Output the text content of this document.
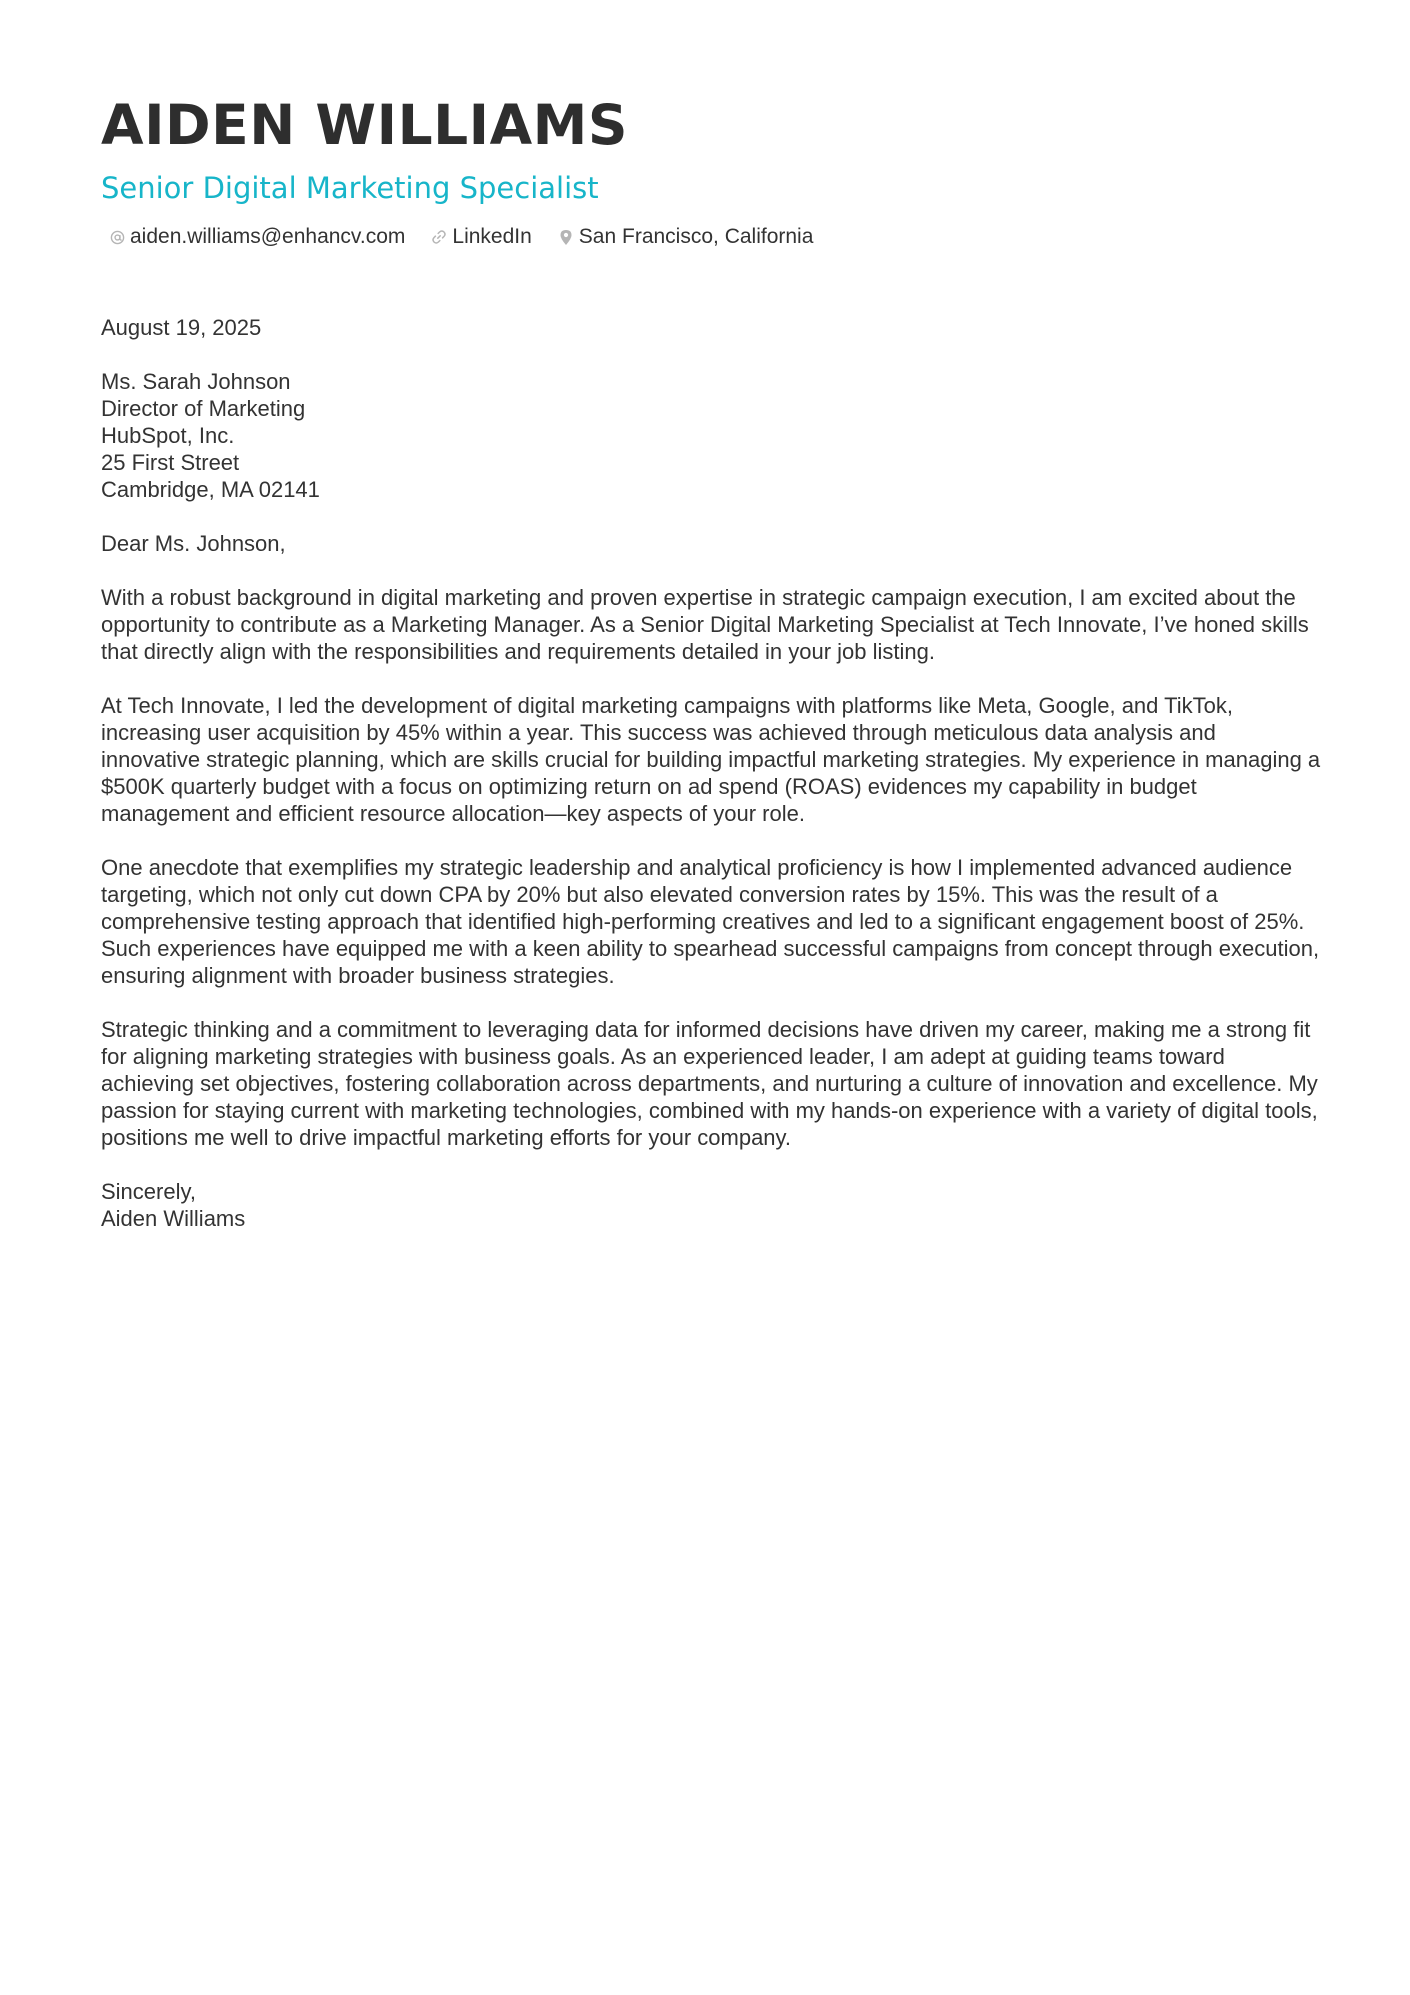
AIDEN WILLIAMS
Senior Digital Marketing Specialist
aiden.williams@enhancv.com LinkedIn San Francisco, California

August 19, 2025

Ms. Sarah Johnson
Director of Marketing
HubSpot, Inc.
25 First Street
Cambridge, MA 02141

Dear Ms. Johnson,

With a robust background in digital marketing and proven expertise in strategic campaign execution, I am excited about the opportunity to contribute as a Marketing Manager. As a Senior Digital Marketing Specialist at Tech Innovate, I’ve honed skills that directly align with the responsibilities and requirements detailed in your job listing.

At Tech Innovate, I led the development of digital marketing campaigns with platforms like Meta, Google, and TikTok, increasing user acquisition by 45% within a year. This success was achieved through meticulous data analysis and innovative strategic planning, which are skills crucial for building impactful marketing strategies. My experience in managing a $500K quarterly budget with a focus on optimizing return on ad spend (ROAS) evidences my capability in budget management and efficient resource allocation—key aspects of your role.

One anecdote that exemplifies my strategic leadership and analytical proficiency is how I implemented advanced audience targeting, which not only cut down CPA by 20% but also elevated conversion rates by 15%. This was the result of a comprehensive testing approach that identified high-performing creatives and led to a significant engagement boost of 25%. Such experiences have equipped me with a keen ability to spearhead successful campaigns from concept through execution, ensuring alignment with broader business strategies.

Strategic thinking and a commitment to leveraging data for informed decisions have driven my career, making me a strong fit for aligning marketing strategies with business goals. As an experienced leader, I am adept at guiding teams toward achieving set objectives, fostering collaboration across departments, and nurturing a culture of innovation and excellence. My passion for staying current with marketing technologies, combined with my hands-on experience with a variety of digital tools, positions me well to drive impactful marketing efforts for your company.

Sincerely,
Aiden Williams
